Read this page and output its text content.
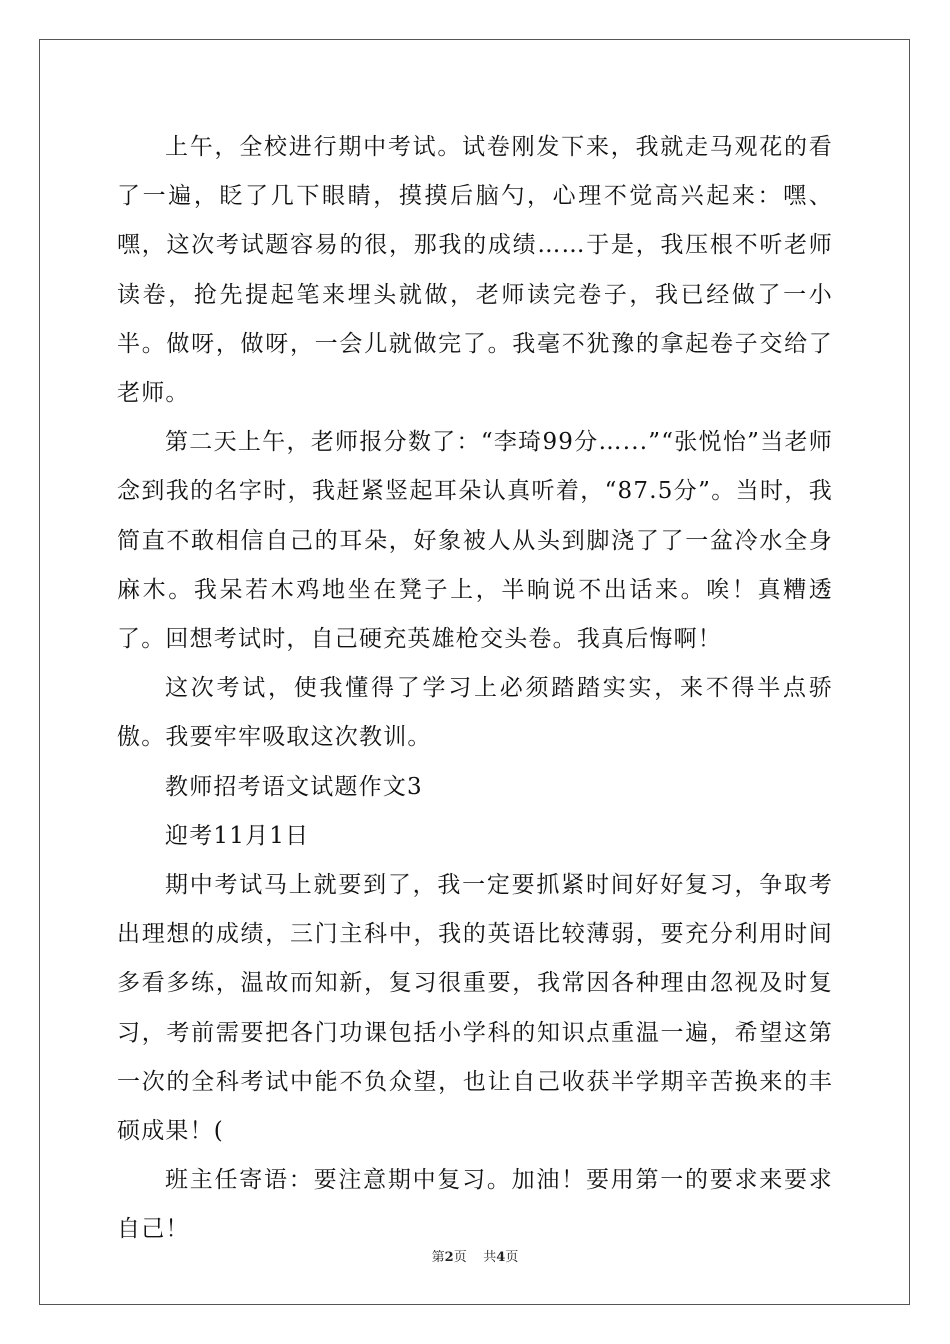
上午，全校进行期中考试。试卷刚发下来，我就走马观花的看了一遍，眨了几下眼睛，摸摸后脑勺，心理不觉高兴起来：嘿、嘿，这次考试题容易的很，那我的成绩……于是，我压根不听老师读卷，抢先提起笔来埋头就做，老师读完卷子，我已经做了一小半。做呀，做呀，一会儿就做完了。我毫不犹豫的拿起卷子交给了老师。

第二天上午，老师报分数了：“李琦99分…...”“张悦怡”当老师念到我的名字时，我赶紧竖起耳朵认真听着，“87.5分”。当时，我简直不敢相信自己的耳朵，好象被人从头到脚浇了了一盆冷水全身麻木。我呆若木鸡地坐在凳子上，半晌说不出话来。唉！真糟透了。回想考试时，自己硬充英雄枪交头卷。我真后悔啊！

这次考试，使我懂得了学习上必须踏踏实实，来不得半点骄傲。我要牢牢吸取这次教训。

教师招考语文试题作文3

迎考11月1日

期中考试马上就要到了，我一定要抓紧时间好好复习，争取考出理想的成绩，三门主科中，我的英语比较薄弱，要充分利用时间多看多练，温故而知新，复习很重要，我常因各种理由忽视及时复习，考前需要把各门功课包括小学科的知识点重温一遍，希望这第一次的全科考试中能不负众望，也让自己收获半学期辛苦换来的丰硕成果！(

班主任寄语：要注意期中复习。加油！要用第一的要求来要求自己！

第2页 共4页
